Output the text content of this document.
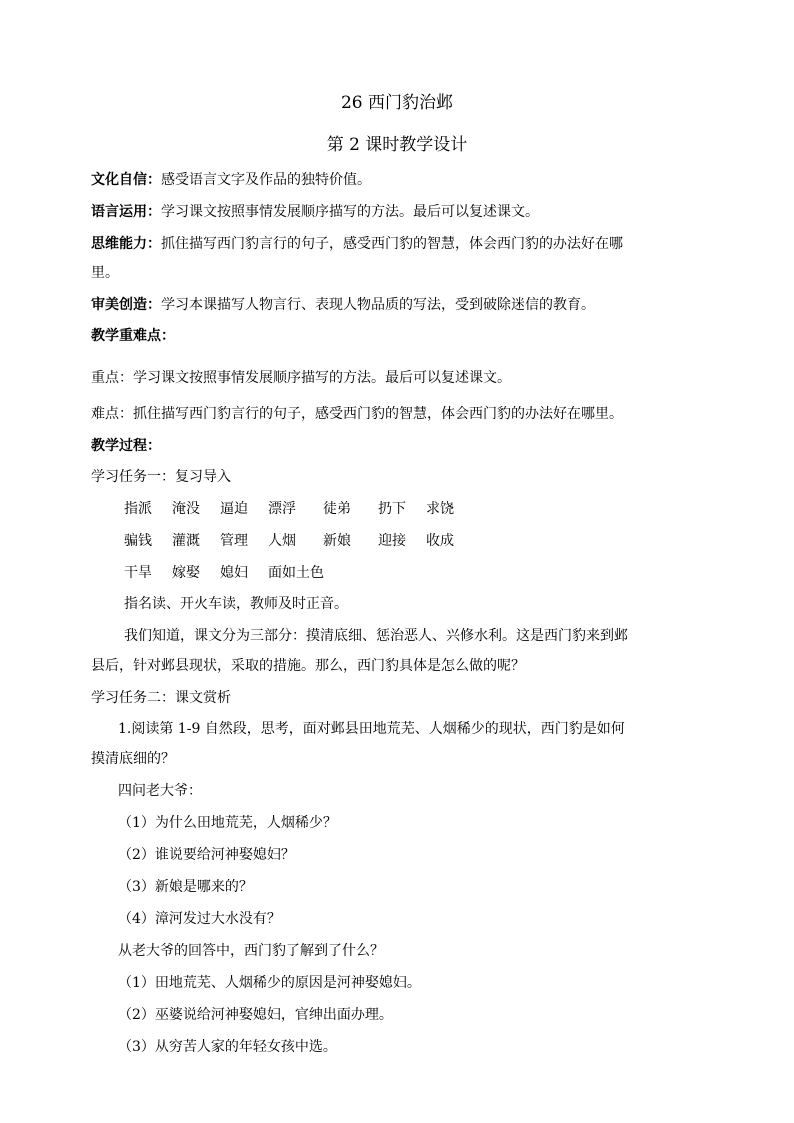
26 西门豹治邺
第 2 课时教学设计
文化自信：感受语言文字及作品的独特价值。
语言运用：学习课文按照事情发展顺序描写的方法。最后可以复述课文。
思维能力：抓住描写西门豹言行的句子，感受西门豹的智慧，体会西门豹的办法好在哪
里。
审美创造：学习本课描写人物言行、表现人物品质的写法，受到破除迷信的教育。
教学重难点：
重点：学习课文按照事情发展顺序描写的方法。最后可以复述课文。
难点：抓住描写西门豹言行的句子，感受西门豹的智慧，体会西门豹的办法好在哪里。
教学过程：
学习任务一：复习导入
指派 淹没 逼迫 漂浮 徒弟 扔下 求饶
骗钱 灌溉 管理 人烟 新娘 迎接 收成
干旱 嫁娶 媳妇 面如土色
指名读、开火车读，教师及时正音。
我们知道，课文分为三部分：摸清底细、惩治恶人、兴修水利。这是西门豹来到邺
县后，针对邺县现状，采取的措施。那么，西门豹具体是怎么做的呢？
学习任务二：课文赏析
1.阅读第 1-9 自然段，思考，面对邺县田地荒芜、人烟稀少的现状，西门豹是如何
摸清底细的？
四问老大爷：
（1）为什么田地荒芜，人烟稀少？
（2）谁说要给河神娶媳妇？
（3）新娘是哪来的？
（4）漳河发过大水没有？
从老大爷的回答中，西门豹了解到了什么？
（1）田地荒芜、人烟稀少的原因是河神娶媳妇。
（2）巫婆说给河神娶媳妇，官绅出面办理。
（3）从穷苦人家的年轻女孩中选。
